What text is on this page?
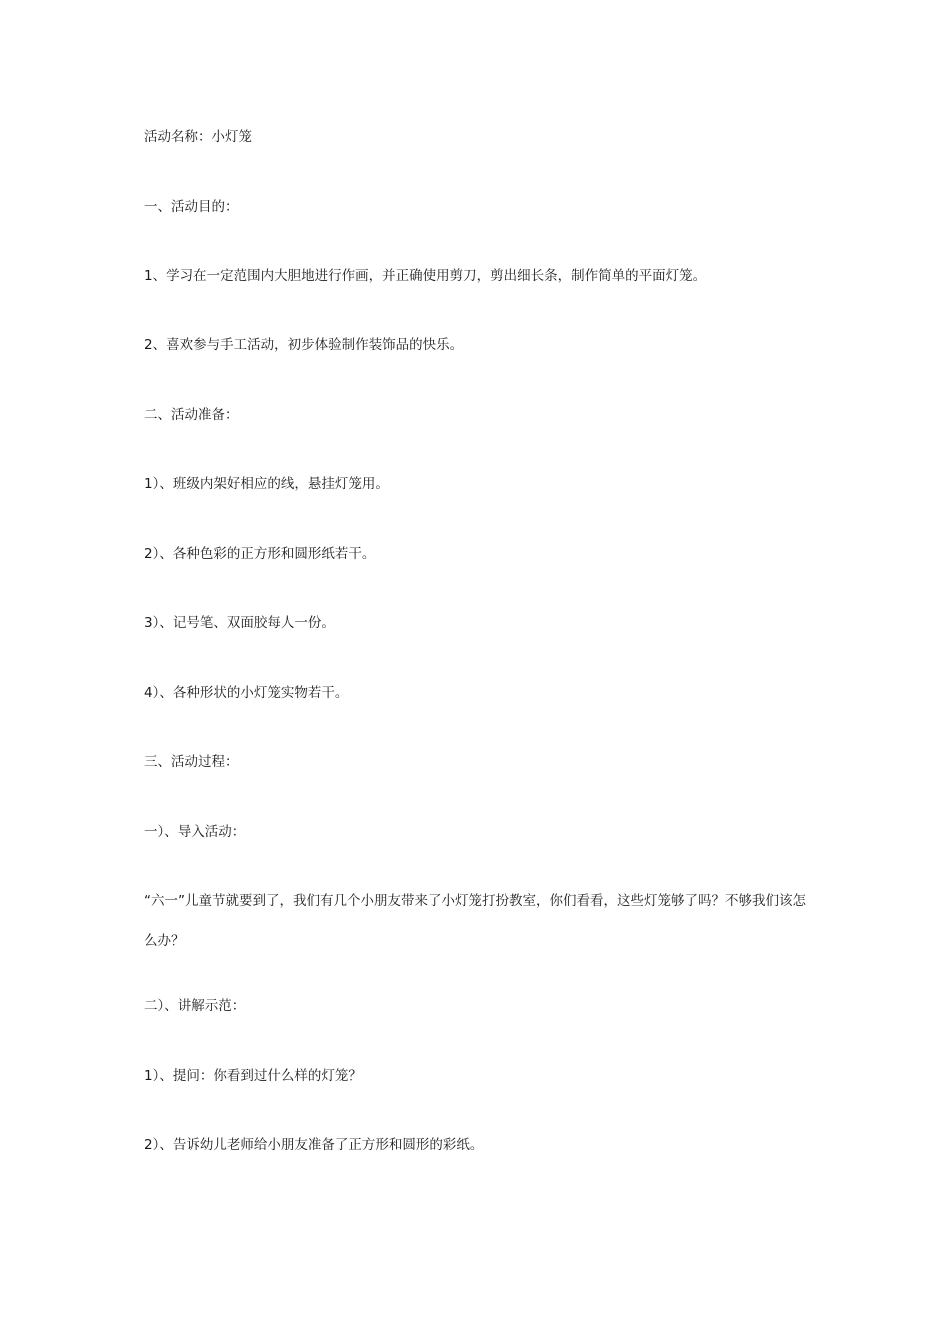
活动名称：小灯笼

一、活动目的：

1、学习在一定范围内大胆地进行作画，并正确使用剪刀，剪出细长条，制作简单的平面灯笼。

2、喜欢参与手工活动，初步体验制作装饰品的快乐。

二、活动准备：

1）、班级内架好相应的线，悬挂灯笼用。

2）、各种色彩的正方形和圆形纸若干。

3）、记号笔、双面胶每人一份。

4）、各种形状的小灯笼实物若干。

三、活动过程：

一）、导入活动：

“六一”儿童节就要到了，我们有几个小朋友带来了小灯笼打扮教室，你们看看，这些灯笼够了吗？不够我们该怎么办？

二）、讲解示范：

1）、提问：你看到过什么样的灯笼？

2）、告诉幼儿老师给小朋友准备了正方形和圆形的彩纸。
